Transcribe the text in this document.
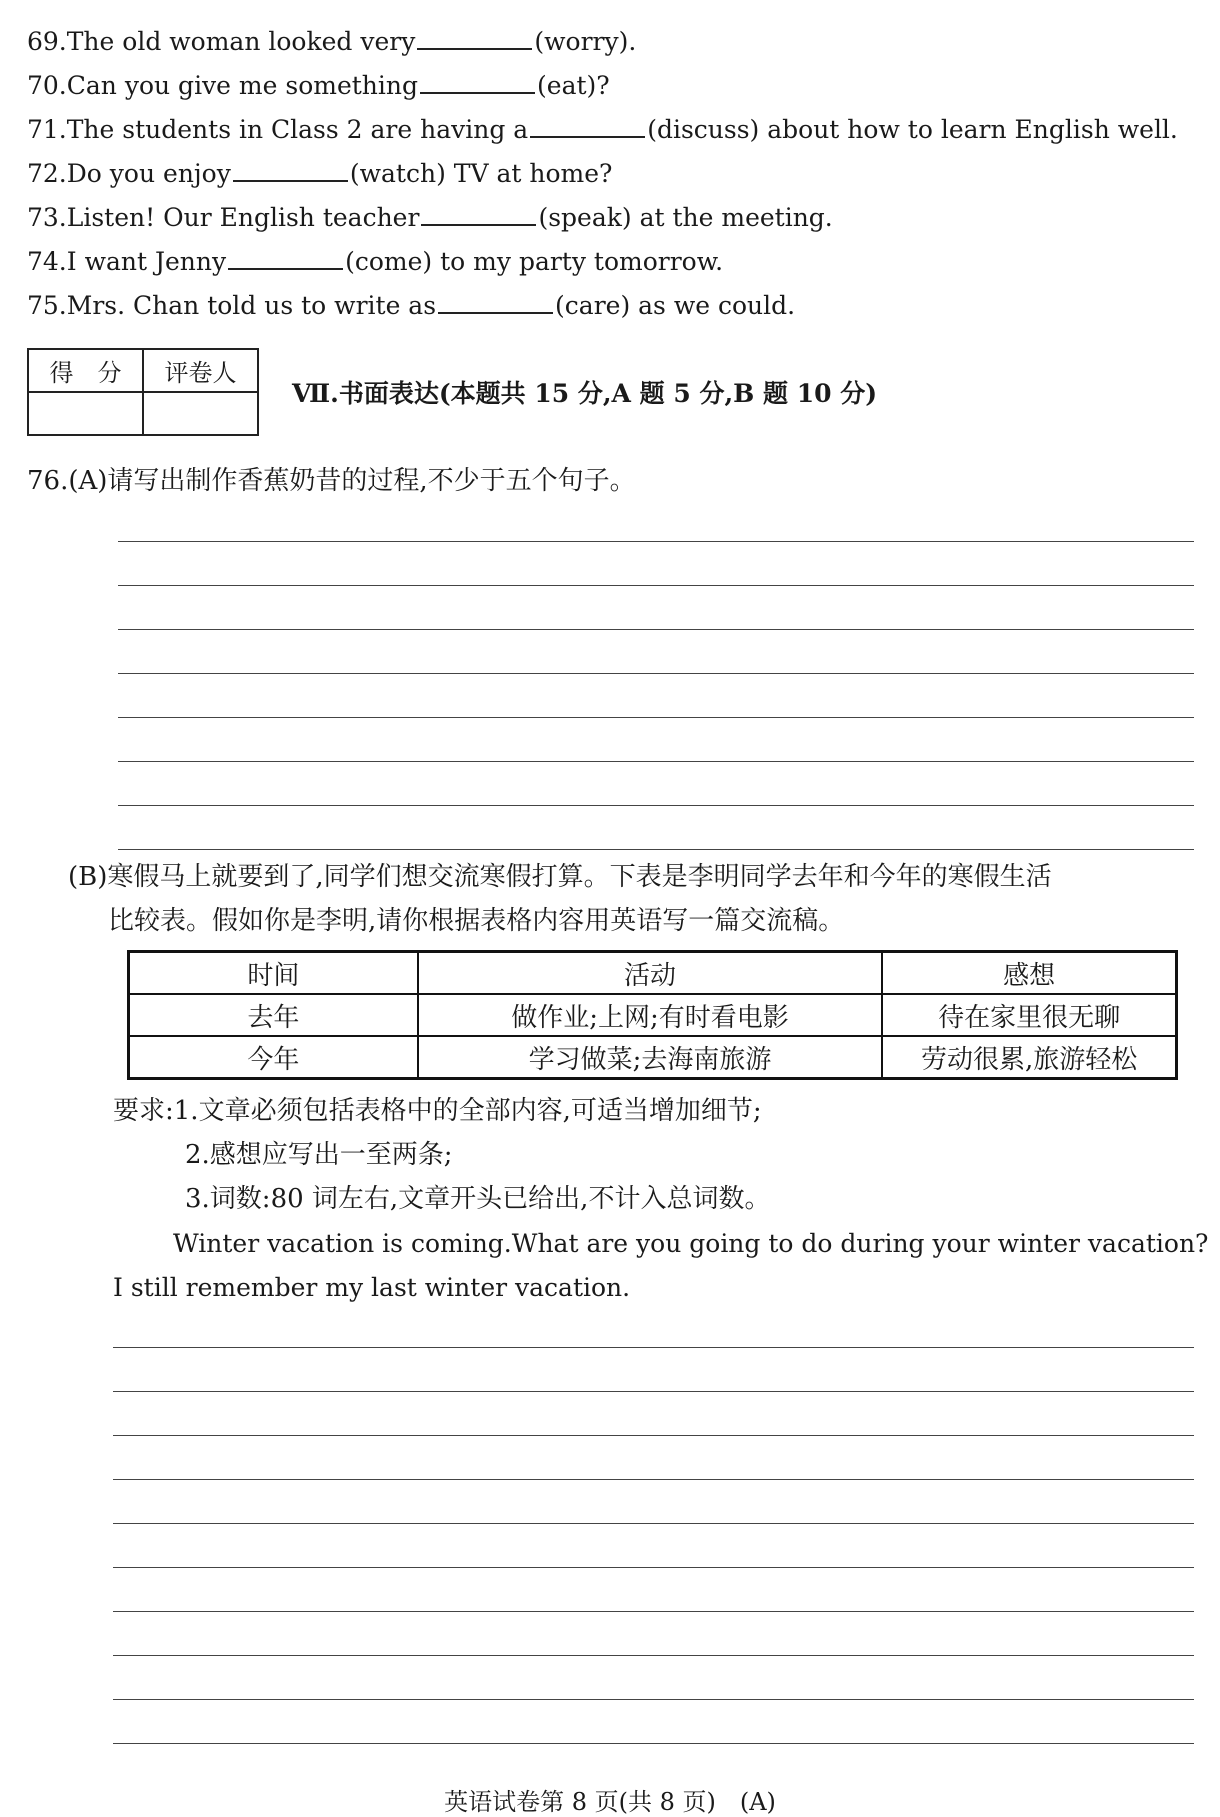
69.The old woman looked very	(worry).
70.Can you give me something	(eat)?
71.The students in Class 2 are having a	(discuss) about how to learn English well.
72.Do you enjoy	(watch) TV at home?
73.Listen! Our English teacher	(speak) at the meeting.
74.I want Jenny	(come) to my party tomorrow.
75.Mrs. Chan told us to write as	(care) as we could.
得　分	评卷人

Ⅶ.书面表达(本题共 15 分,A 题 5 分,B 题 10 分)
76.(A)请写出制作香蕉奶昔的过程,不少于五个句子。
(B)寒假马上就要到了,同学们想交流寒假打算。下表是李明同学去年和今年的寒假生活
比较表。假如你是李明,请你根据表格内容用英语写一篇交流稿。
时间	活动	感想
去年	做作业;上网;有时看电影	待在家里很无聊
今年	学习做菜;去海南旅游	劳动很累,旅游轻松
要求:1.文章必须包括表格中的全部内容,可适当增加细节;
2.感想应写出一至两条;
3.词数:80 词左右,文章开头已给出,不计入总词数。
Winter vacation is coming.What are you going to do during your winter vacation?
I still remember my last winter vacation.
英语试卷第 8 页(共 8 页)　(A)
